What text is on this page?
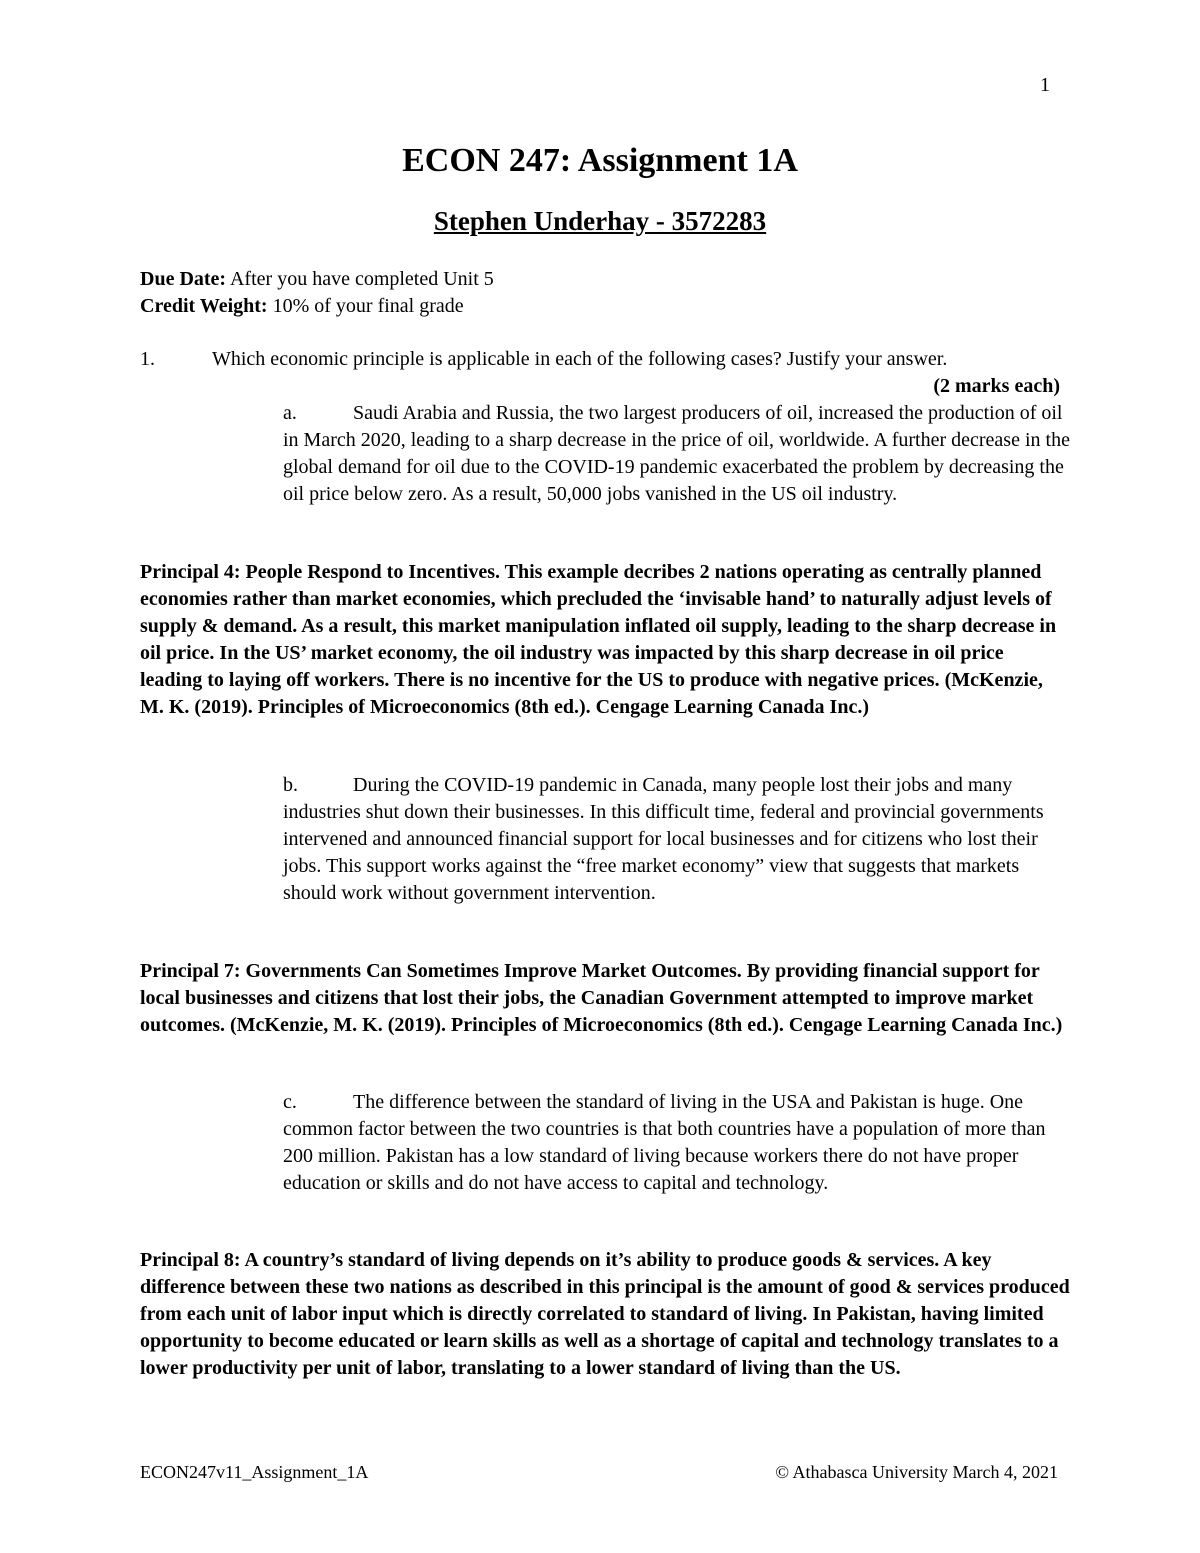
1
ECON 247: Assignment 1A
Stephen Underhay - 3572283
Due Date: After you have completed Unit 5
Credit Weight: 10% of your final grade
1.	Which economic principle is applicable in each of the following cases? Justify your answer.
(2 marks each)
a.	Saudi Arabia and Russia, the two largest producers of oil, increased the production of oil in March 2020, leading to a sharp decrease in the price of oil, worldwide. A further decrease in the global demand for oil due to the COVID-19 pandemic exacerbated the problem by decreasing the oil price below zero. As a result, 50,000 jobs vanished in the US oil industry.
Principal 4: People Respond to Incentives. This example decribes 2 nations operating as centrally planned economies rather than market economies, which precluded the ‘invisable hand’ to naturally adjust levels of supply & demand. As a result, this market manipulation inflated oil supply, leading to the sharp decrease in oil price. In the US’ market economy, the oil industry was impacted by this sharp decrease in oil price leading to laying off workers. There is no incentive for the US to produce with negative prices. (McKenzie, M. K. (2019). Principles of Microeconomics (8th ed.). Cengage Learning Canada Inc.)
b.	During the COVID-19 pandemic in Canada, many people lost their jobs and many industries shut down their businesses. In this difficult time, federal and provincial governments intervened and announced financial support for local businesses and for citizens who lost their jobs. This support works against the “free market economy” view that suggests that markets should work without government intervention.
Principal 7: Governments Can Sometimes Improve Market Outcomes. By providing financial support for local businesses and citizens that lost their jobs, the Canadian Government attempted to improve market outcomes. (McKenzie, M. K. (2019). Principles of Microeconomics (8th ed.). Cengage Learning Canada Inc.)
c.	The difference between the standard of living in the USA and Pakistan is huge. One common factor between the two countries is that both countries have a population of more than 200 million. Pakistan has a low standard of living because workers there do not have proper education or skills and do not have access to capital and technology.
Principal 8: A country’s standard of living depends on it’s ability to produce goods & services. A key difference between these two nations as described in this principal is the amount of good & services produced from each unit of labor input which is directly correlated to standard of living. In Pakistan, having limited opportunity to become educated or learn skills as well as a shortage of capital and technology translates to a lower productivity per unit of labor, translating to a lower standard of living than the US.
ECON247v11_Assignment_1A	© Athabasca University March 4, 2021
